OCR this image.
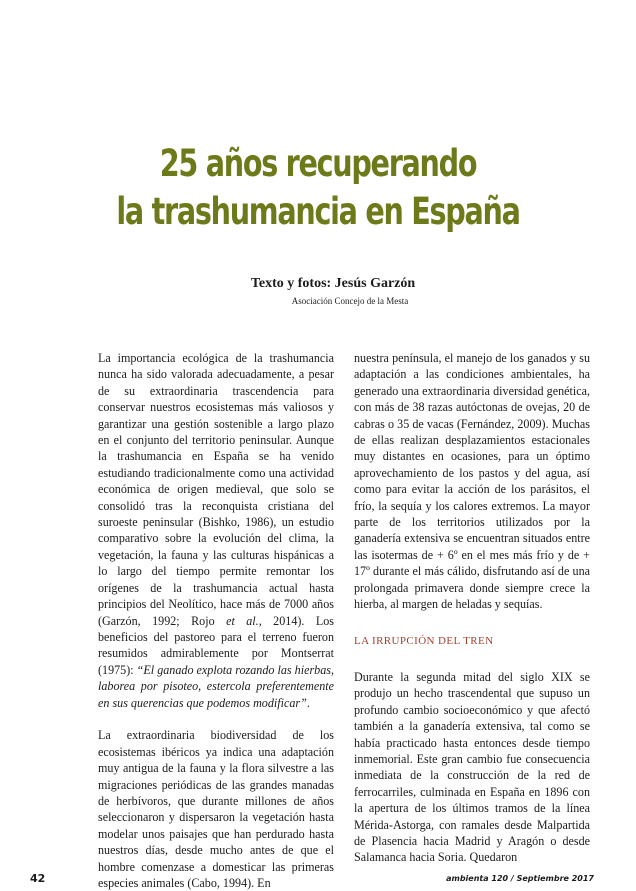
25 años recuperando
la trashumancia en España
Texto y fotos: Jesús Garzón
Asociación Concejo de la Mesta

La importancia ecológica de la trashumancia nunca ha sido valorada adecuadamente, a pesar de su extraordinaria trascendencia para conservar nuestros ecosistemas más valiosos y garantizar una gestión sostenible a largo plazo en el conjunto del territorio peninsular. Aunque la trashumancia en España se ha venido estudiando tradicionalmente como una actividad económica de origen medieval, que solo se consolidó tras la reconquista cristiana del suroeste peninsular (Bishko, 1986), un estudio comparativo sobre la evolución del clima, la vegetación, la fauna y las culturas hispánicas a lo largo del tiempo permite remontar los orígenes de la trashumancia actual hasta principios del Neolítico, hace más de 7000 años (Garzón, 1992; Rojo et al., 2014). Los beneficios del pastoreo para el terreno fueron resumidos admirablemente por Montserrat (1975): “El ganado explota rozando las hierbas, laborea por pisoteo, estercola preferentemente en sus querencias que podemos modificar”.

La extraordinaria biodiversidad de los ecosistemas ibéricos ya indica una adaptación muy antigua de la fauna y la flora silvestre a las migraciones periódicas de las grandes manadas de herbívoros, que durante millones de años seleccionaron y dispersaron la vegetación hasta modelar unos paisajes que han perdurado hasta nuestros días, desde mucho antes de que el hombre comenzase a domesticar las primeras especies animales (Cabo, 1994). En

nuestra península, el manejo de los ganados y su adaptación a las condiciones ambientales, ha generado una extraordinaria diversidad genética, con más de 38 razas autóctonas de ovejas, 20 de cabras o 35 de vacas (Fernández, 2009). Muchas de ellas realizan desplazamientos estacionales muy distantes en ocasiones, para un óptimo aprovechamiento de los pastos y del agua, así como para evitar la acción de los parásitos, el frío, la sequía y los calores extremos. La mayor parte de los territorios utilizados por la ganadería extensiva se encuentran situados entre las isotermas de + 6º en el mes más frío y de + 17º durante el más cálido, disfrutando así de una prolongada primavera donde siempre crece la hierba, al margen de heladas y sequías.

LA IRRUPCIÓN DEL TREN

Durante la segunda mitad del siglo XIX se produjo un hecho trascendental que supuso un profundo cambio socioeconómico y que afectó también a la ganadería extensiva, tal como se había practicado hasta entonces desde tiempo inmemorial. Este gran cambio fue consecuencia inmediata de la construcción de la red de ferrocarriles, culminada en España en 1896 con la apertura de los últimos tramos de la línea Mérida-Astorga, con ramales desde Malpartida de Plasencia hacia Madrid y Aragón o desde Salamanca hacia Soria. Quedaron

42	ambienta 120 / Septiembre 2017
